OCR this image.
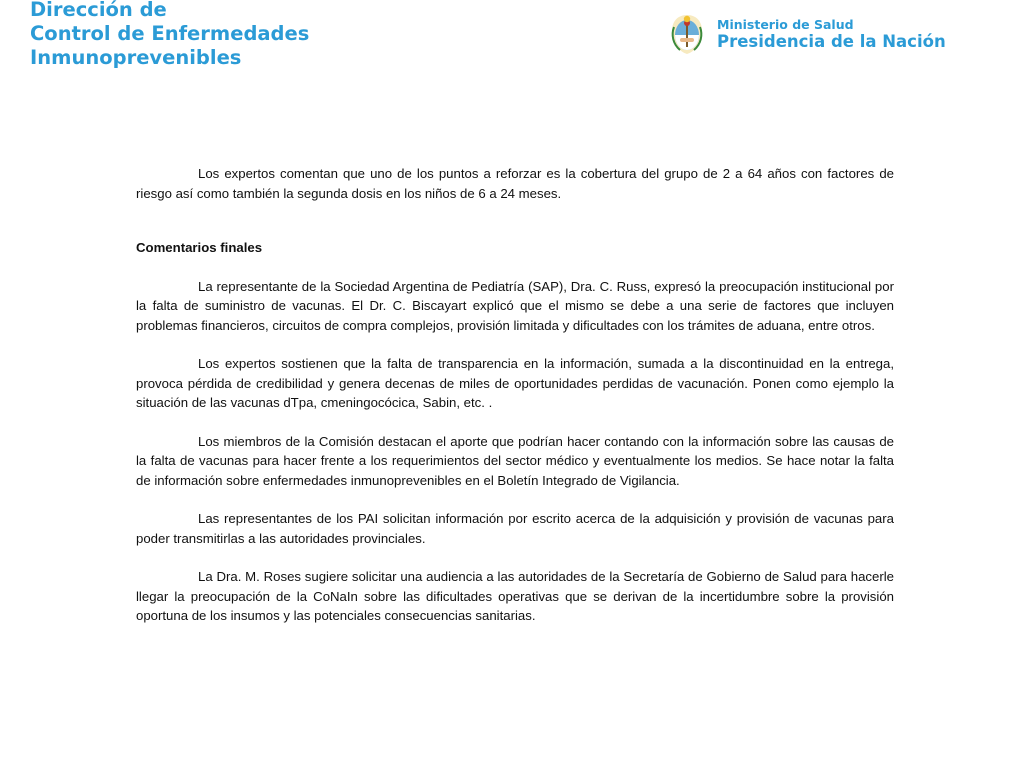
Dirección de
Control de Enfermedades
Inmunoprevenibles
Ministerio de Salud
Presidencia de la Nación

Los expertos comentan que uno de los puntos a reforzar es la cobertura del grupo de 2 a 64 años con factores de riesgo así como también la segunda dosis en los niños de 6 a 24 meses.

Comentarios finales

La representante de la Sociedad Argentina de Pediatría (SAP), Dra. C. Russ, expresó la preocupación institucional por la falta de suministro de vacunas. El Dr. C. Biscayart explicó que el mismo se debe a una serie de factores que incluyen problemas financieros, circuitos de compra complejos, provisión limitada y dificultades con los trámites de aduana, entre otros.

Los expertos sostienen que la falta de transparencia en la información, sumada a la discontinuidad en la entrega, provoca pérdida de credibilidad y genera decenas de miles de oportunidades perdidas de vacunación. Ponen como ejemplo la situación de las vacunas dTpa, cmeningocócica, Sabin, etc. .

Los miembros de la Comisión destacan el aporte que podrían hacer contando con la información sobre las causas de la falta de vacunas para hacer frente a los requerimientos del sector médico y eventualmente los medios. Se hace notar la falta de información sobre enfermedades inmunoprevenibles en el Boletín Integrado de Vigilancia.

Las representantes de los PAI solicitan información por escrito acerca de la adquisición y provisión de vacunas para poder transmitirlas a las autoridades provinciales.

La Dra. M. Roses sugiere solicitar una audiencia a las autoridades de la Secretaría de Gobierno de Salud para hacerle llegar la preocupación de la CoNaIn sobre las dificultades operativas que se derivan de la incertidumbre sobre la provisión oportuna de los insumos y las potenciales consecuencias sanitarias.
